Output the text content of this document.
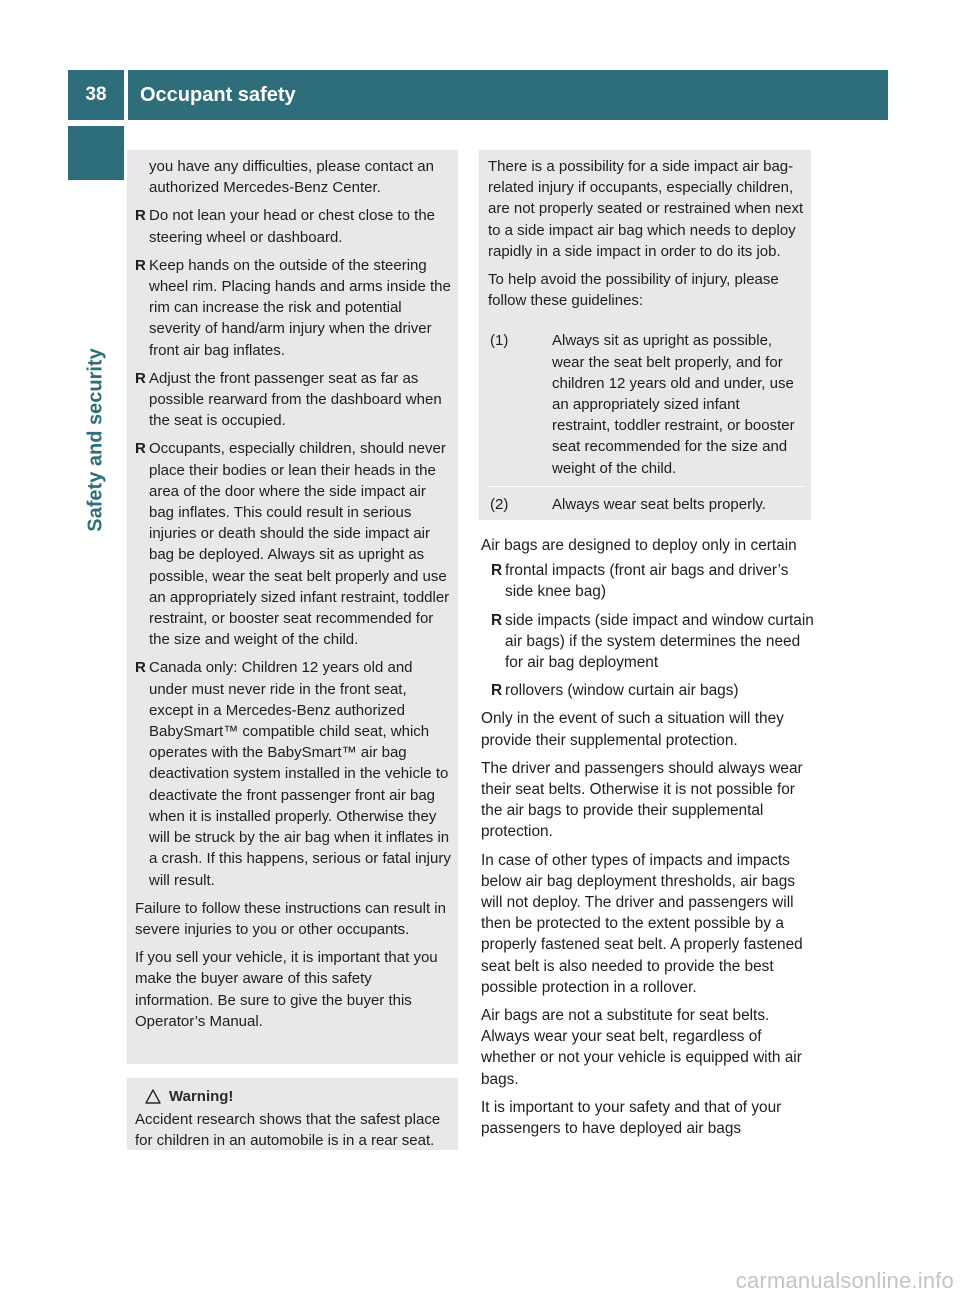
38	Occupant safety
Safety and security
you have any difficulties, please contact an authorized Mercedes-Benz Center.
R Do not lean your head or chest close to the steering wheel or dashboard.
R Keep hands on the outside of the steering wheel rim. Placing hands and arms inside the rim can increase the risk and potential severity of hand/arm injury when the driver front air bag inflates.
R Adjust the front passenger seat as far as possible rearward from the dashboard when the seat is occupied.
R Occupants, especially children, should never place their bodies or lean their heads in the area of the door where the side impact air bag inflates. This could result in serious injuries or death should the side impact air bag be deployed. Always sit as upright as possible, wear the seat belt properly and use an appropriately sized infant restraint, toddler restraint, or booster seat recommended for the size and weight of the child.
R Canada only: Children 12 years old and under must never ride in the front seat, except in a Mercedes-Benz authorized BabySmart™ compatible child seat, which operates with the BabySmart™ air bag deactivation system installed in the vehicle to deactivate the front passenger front air bag when it is installed properly. Otherwise they will be struck by the air bag when it inflates in a crash. If this happens, serious or fatal injury will result.

Failure to follow these instructions can result in severe injuries to you or other occupants.

If you sell your vehicle, it is important that you make the buyer aware of this safety information. Be sure to give the buyer this Operator’s Manual.

Warning!
Accident research shows that the safest place for children in an automobile is in a rear seat.

There is a possibility for a side impact air bag-related injury if occupants, especially children, are not properly seated or restrained when next to a side impact air bag which needs to deploy rapidly in a side impact in order to do its job.

To help avoid the possibility of injury, please follow these guidelines:

(1)	Always sit as upright as possible, wear the seat belt properly, and for children 12 years old and under, use an appropriately sized infant restraint, toddler restraint, or booster seat recommended for the size and weight of the child.
(2)	Always wear seat belts properly.

Air bags are designed to deploy only in certain

R frontal impacts (front air bags and driver’s side knee bag)
R side impacts (side impact and window curtain air bags) if the system determines the need for air bag deployment
R rollovers (window curtain air bags)

Only in the event of such a situation will they provide their supplemental protection.

The driver and passengers should always wear their seat belts. Otherwise it is not possible for the air bags to provide their supplemental protection.

In case of other types of impacts and impacts below air bag deployment thresholds, air bags will not deploy. The driver and passengers will then be protected to the extent possible by a properly fastened seat belt. A properly fastened seat belt is also needed to provide the best possible protection in a rollover.

Air bags are not a substitute for seat belts. Always wear your seat belt, regardless of whether or not your vehicle is equipped with air bags.

It is important to your safety and that of your passengers to have deployed air bags

carmanualsonline.info
